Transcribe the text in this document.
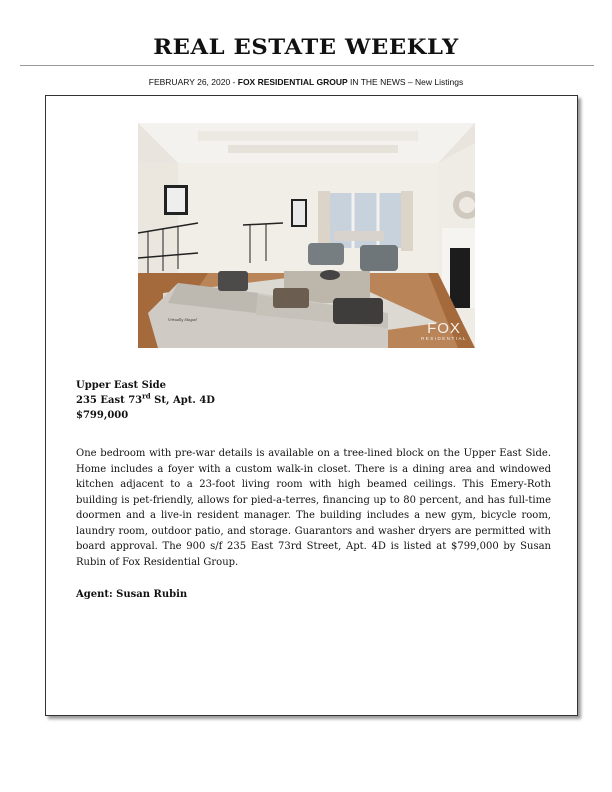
REAL ESTATE WEEKLY
FEBRUARY 26, 2020 - FOX RESIDENTIAL GROUP IN THE NEWS – New Listings
Virtually Staged	FOX
RESIDENTIAL
Upper East Side
235 East 73rd St, Apt. 4D
$799,000
One bedroom with pre-war details is available on a tree-lined block on the Upper East Side. Home includes a foyer with a custom walk-in closet. There is a dining area and windowed kitchen adjacent to a 23-foot living room with high beamed ceilings. This Emery-Roth building is pet-friendly, allows for pied-a-terres, financing up to 80 percent, and has full-time doormen and a live-in resident manager. The building includes a new gym, bicycle room, laundry room, outdoor patio, and storage. Guarantors and washer dryers are permitted with board approval. The 900 s/f 235 East 73rd Street, Apt. 4D is listed at $799,000 by Susan Rubin of Fox Residential Group.
Agent: Susan Rubin
